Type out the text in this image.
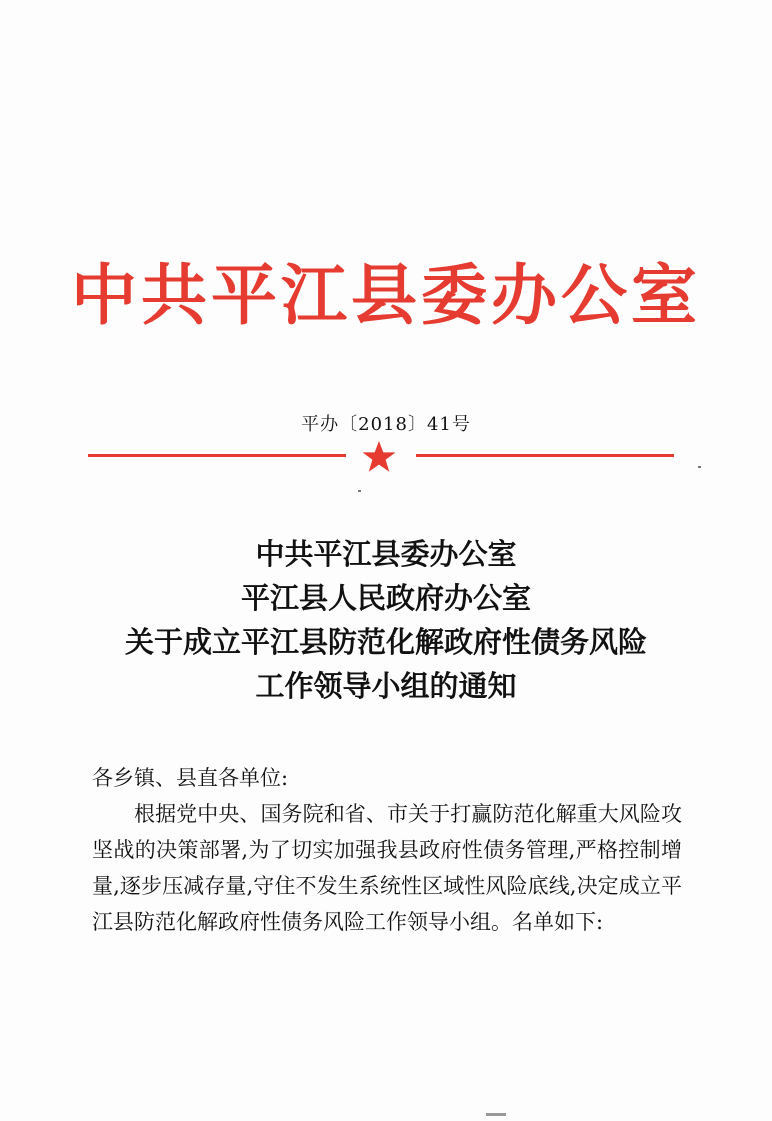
中共平江县委办公室
平办〔2018〕41号
中共平江县委办公室
平江县人民政府办公室
关于成立平江县防范化解政府性债务风险
工作领导小组的通知
各乡镇、县直各单位:
根据党中央、国务院和省、市关于打赢防范化解重大风险攻坚战的决策部署,为了切实加强我县政府性债务管理,严格控制增量,逐步压减存量,守住不发生系统性区域性风险底线,决定成立平江县防范化解政府性债务风险工作领导小组。名单如下:
